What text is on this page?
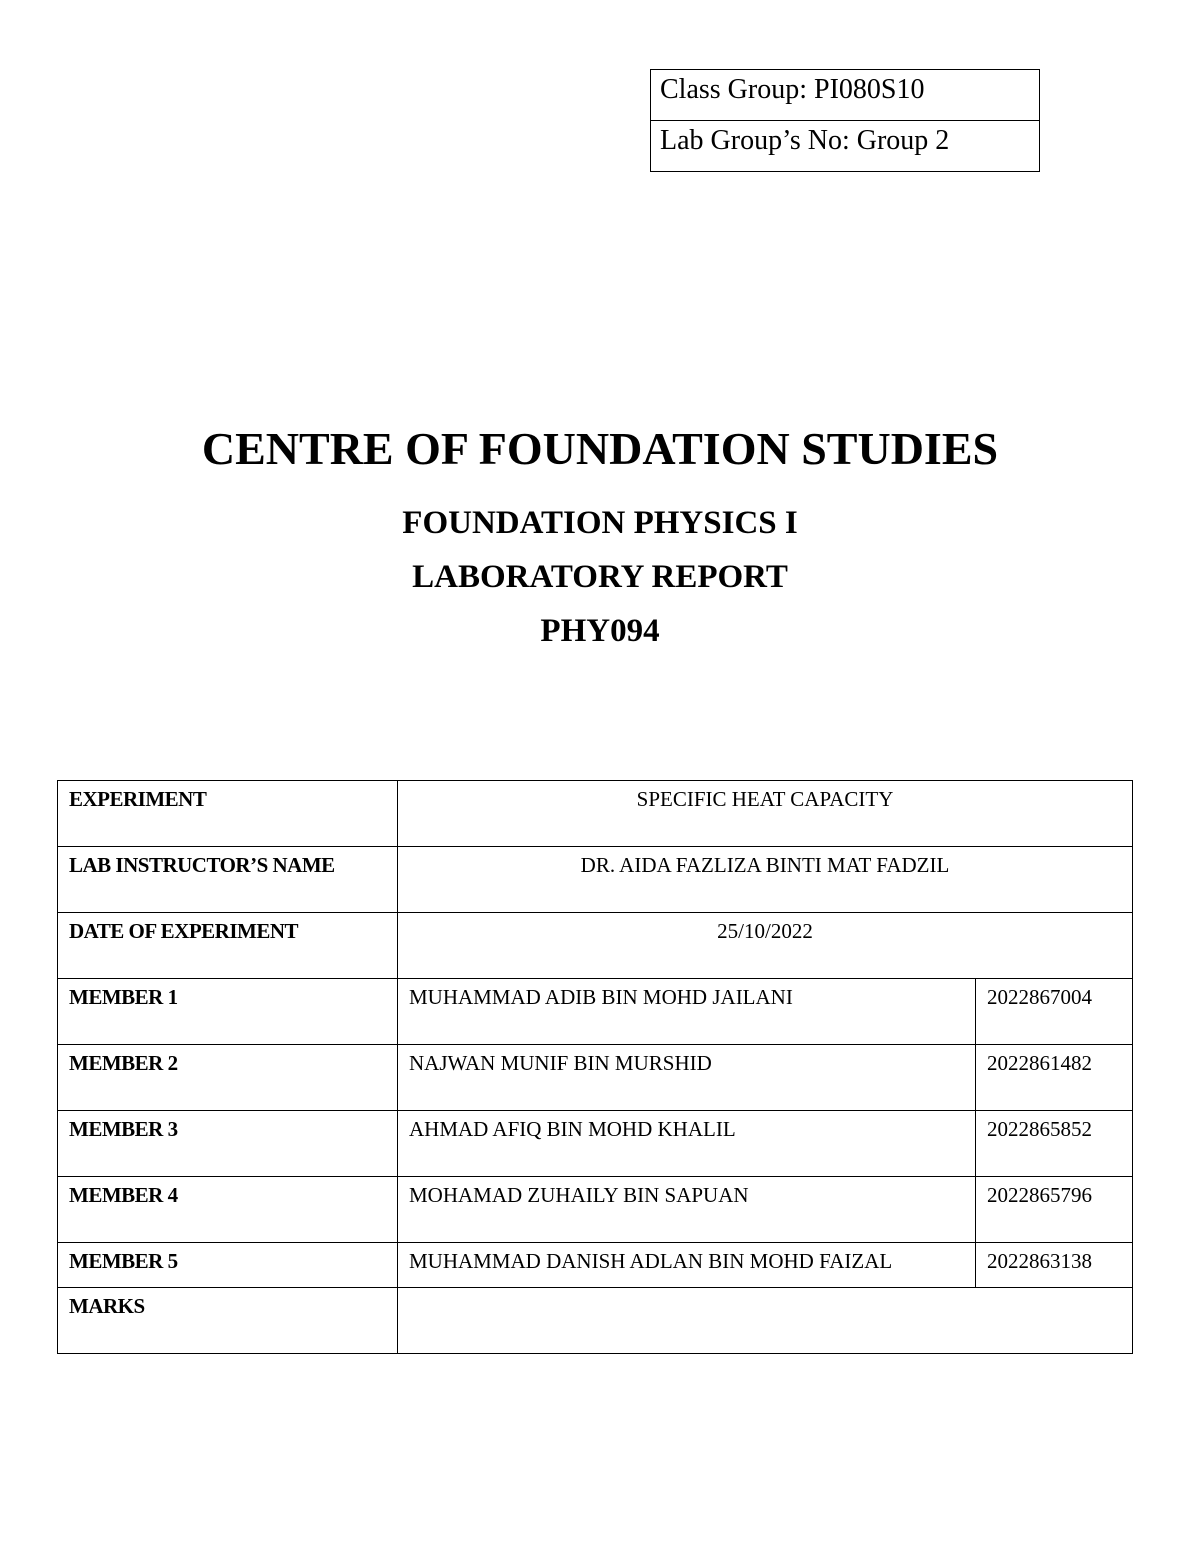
Class Group: PI080S10
Lab Group’s No: Group 2
CENTRE OF FOUNDATION STUDIES
FOUNDATION PHYSICS I
LABORATORY REPORT
PHY094
EXPERIMENT	SPECIFIC HEAT CAPACITY	
LAB INSTRUCTOR’S NAME	DR. AIDA FAZLIZA BINTI MAT FADZIL	
DATE OF EXPERIMENT	25/10/2022	
MEMBER 1	MUHAMMAD ADIB BIN MOHD JAILANI	2022867004
MEMBER 2	NAJWAN MUNIF BIN MURSHID	2022861482
MEMBER 3	AHMAD AFIQ BIN MOHD KHALIL	2022865852
MEMBER 4	MOHAMAD ZUHAILY BIN SAPUAN	2022865796
MEMBER 5	MUHAMMAD DANISH ADLAN BIN MOHD FAIZAL	2022863138
MARKS		
